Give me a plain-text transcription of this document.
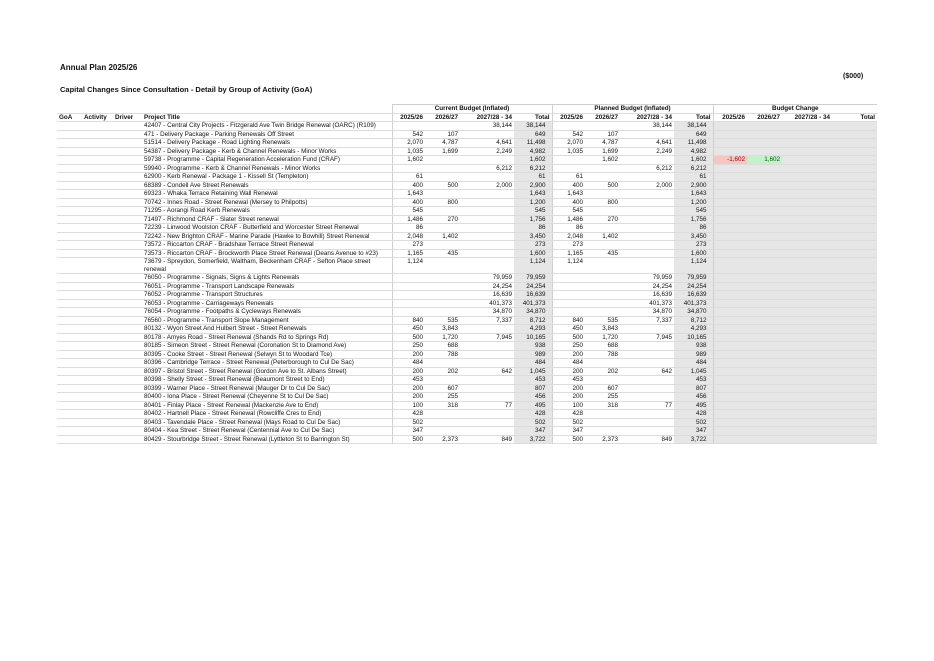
Annual Plan 2025/26
($000)
Capital Changes Since Consultation - Detail by Group of Activity (GoA)
				Current Budget (Inflated)				Planned Budget (Inflated)				Budget Change			
GoA	Activity	Driver	Project Title	2025/26	2026/27	2027/28 - 34	Total	2025/26	2026/27	2027/28 - 34	Total	2025/26	2026/27	2027/28 - 34	Total
			42407 - Central City Projects - Fitzgerald Ave Twin Bridge Renewal (OARC) (R109)			38,144	38,144			38,144	38,144				
			471 - Delivery Package - Parking Renewals Off Street	542	107		649	542	107		649				
			51514 - Delivery Package - Road Lighting Renewals	2,070	4,787	4,641	11,498	2,070	4,787	4,641	11,498				
			54387 - Delivery Package - Kerb & Channel Renewals - Minor Works	1,035	1,699	2,249	4,982	1,035	1,699	2,249	4,982				
			59738 - Programme - Capital Regeneration Acceleration Fund (CRAF)	1,602			1,602		1,602		1,602	-1,602	1,602		
			59940 - Programme - Kerb & Channel Renewals - Minor Works			6,212	6,212			6,212	6,212				
			62900 - Kerb Renewal - Package 1 - Kissell St (Templeton)	61			61	61			61				
			68389 - Condell Ave Street Renewals	400	500	2,000	2,900	400	500	2,000	2,900				
			69323 - Whaka Terrace Retaining Wall Renewal	1,643			1,643	1,643			1,643				
			70742 - Innes Road - Street Renewal (Mersey to Philpotts)	400	800		1,200	400	800		1,200				
			71295 - Aorangi Road Kerb Renewals	545			545	545			545				
			71497 - Richmond CRAF - Slater Street renewal	1,486	270		1,756	1,486	270		1,756				
			72239 - Linwood Woolston CRAF - Butterfield and Worcester Street Renewal	86			86	86			86				
			72242 - New Brighton CRAF - Marine Parade (Hawke to Bowhill) Street Renewal	2,048	1,402		3,450	2,048	1,402		3,450				
			73572 - Riccarton CRAF - Bradshaw Terrace Street Renewal	273			273	273			273				
			73573 - Riccarton CRAF - Brockworth Place Street Renewal (Deans Avenue to #23)	1,165	435		1,600	1,165	435		1,600				
			73679 - Spreydon, Somerfield, Waltham, Beckenham CRAF - Sefton Place street renewal	1,124			1,124	1,124			1,124				
			76050 - Programme - Signals, Signs & Lights Renewals			79,959	79,959			79,959	79,959				
			76051 - Programme - Transport Landscape Renewals			24,254	24,254			24,254	24,254				
			76052 - Programme - Transport Structures			16,639	16,639			16,639	16,639				
			76053 - Programme - Carriageways Renewals			401,373	401,373			401,373	401,373				
			76054 - Programme - Footpaths & Cycleways Renewals			34,870	34,870			34,870	34,870				
			76560 - Programme - Transport Slope Management	840	535	7,337	8,712	840	535	7,337	8,712				
			80132 - Wyon Street And Hulbert Street - Street Renewals	450	3,843		4,293	450	3,843		4,293				
			80178 - Amyes Road - Street Renewal (Shands Rd to Springs Rd)	500	1,720	7,945	10,165	500	1,720	7,945	10,165				
			80185 - Simeon Street - Street Renewal (Coronation St to Diamond Ave)	250	688		938	250	688		938				
			80395 - Cooke Street - Street Renewal (Selwyn St to Woodard Tce)	200	788		989	200	788		989				
			80396 - Cambridge Terrace - Street Renewal (Peterborough to Cul De Sac)	484			484	484			484				
			80397 - Bristol Street - Street Renewal (Gordon Ave to St. Albans Street)	200	202	642	1,045	200	202	642	1,045				
			80398 - Shelly Street - Street Renewal (Beaumont Street to End)	453			453	453			453				
			80399 - Warner Place - Street Renewal (Mauger Dr to Cul De Sac)	200	607		807	200	607		807				
			80400 - Iona Place - Street Renewal (Cheyenne St to Cul De Sac)	200	255		456	200	255		456				
			80401 - Finlay Place - Street Renewal (Mackenzie Ave to End)	100	318	77	495	100	318	77	495				
			80402 - Hartnell Place - Street Renewal (Rowcliffe Cres to End)	428			428	428			428				
			80403 - Tavendale Place - Street Renewal (Mays Road to Cul De Sac)	502			502	502			502				
			80404 - Kea Street - Street Renewal (Centennial Ave to Cul De Sac)	347			347	347			347				
			80429 - Stourbridge Street - Street Renewal (Lyttleton St to Barrington St)	500	2,373	849	3,722	500	2,373	849	3,722				
